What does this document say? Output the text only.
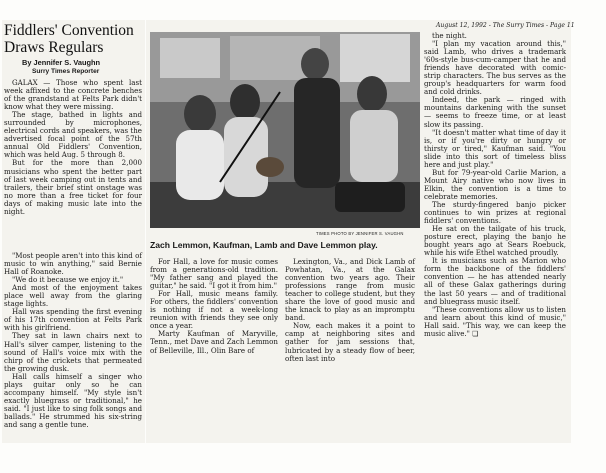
Fiddlers' Convention
Draws Regulars
By Jennifer S. Vaughn
Surry Times Reporter

GALAX — Those who spent last week affixed to the concrete benches of the grandstand at Felts Park didn't know what they were missing.

The stage, bathed in lights and surrounded by microphones, electrical cords and speakers, was the advertised focal point of the 57th annual Old Fiddlers' Convention, which was held Aug. 5 through 8.

But for the more than 2,000 musicians who spent the better part of last week camping out in tents and trailers, their brief stint onstage was no more than a free ticket for four days of making music late into the night.

"Most people aren't into this kind of music to win anything," said Bernie Hall of Roanoke.

"We do it because we enjoy it."

And most of the enjoyment takes place well away from the glaring stage lights.

Hall was spending the first evening of his 17th convention at Felts Park with his girlfriend.

They sat in lawn chairs next to Hall's silver camper, listening to the sound of Hall's voice mix with the chirp of the crickets that permeated the growing dusk.

Hall calls himself a singer who plays guitar only so he can accompany himself. "My style isn't exactly bluegrass or traditional," he said. "I just like to sing folk songs and ballads." He strummed his six-string and sang a gentle tune.

August 12, 1992 - The Surry Times - Page 11
TIMES PHOTO BY JENNIFER S. VAUGHN
Zach Lemmon, Kaufman, Lamb and Dave Lemmon play.

For Hall, a love for music comes from a generations-old tradition. "My father sang and played the guitar," he said. "I got it from him."

For Hall, music means family. For others, the fiddlers' convention is nothing if not a week-long reunion with friends they see only once a year.

Marty Kaufman of Maryville, Tenn., met Dave and Zach Lemmon of Belleville, Ill., Olin Bare of

Lexington, Va., and Dick Lamb of Powhatan, Va., at the Galax convention two years ago. Their professions range from music teacher to college student, but they share the love of good music and the knack to play as an impromptu band.

Now, each makes it a point to camp at neighboring sites and gather for jam sessions that, lubricated by a steady flow of beer, often last into

the night.

"I plan my vacation around this," said Lamb, who drives a trademark '60s-style bus-cum-camper that he and friends have decorated with comic-strip characters. The bus serves as the group's headquarters for warm food and cold drinks.

Indeed, the park — ringed with mountains darkening with the sunset — seems to freeze time, or at least slow its passing.

"It doesn't matter what time of day it is, or if you're dirty or hungry or thirsty or tired," Kaufman said. "You slide into this sort of timeless bliss here and just play."

But for 79-year-old Carlie Marion, a Mount Airy native who now lives in Elkin, the convention is a time to celebrate memories.

The sturdy-fingered banjo picker continues to win prizes at regional fiddlers' conventions.

He sat on the tailgate of his truck, posture erect, playing the banjo he bought years ago at Sears Roebuck, while his wife Ethel watched proudly.

It is musicians such as Marion who form the backbone of the fiddlers' convention — he has attended nearly all of these Galax gatherings during the last 50 years — and of traditional and bluegrass music itself.

"These conventions allow us to listen and learn about this kind of music," Hall said. "This way, we can keep the music alive." ❏
